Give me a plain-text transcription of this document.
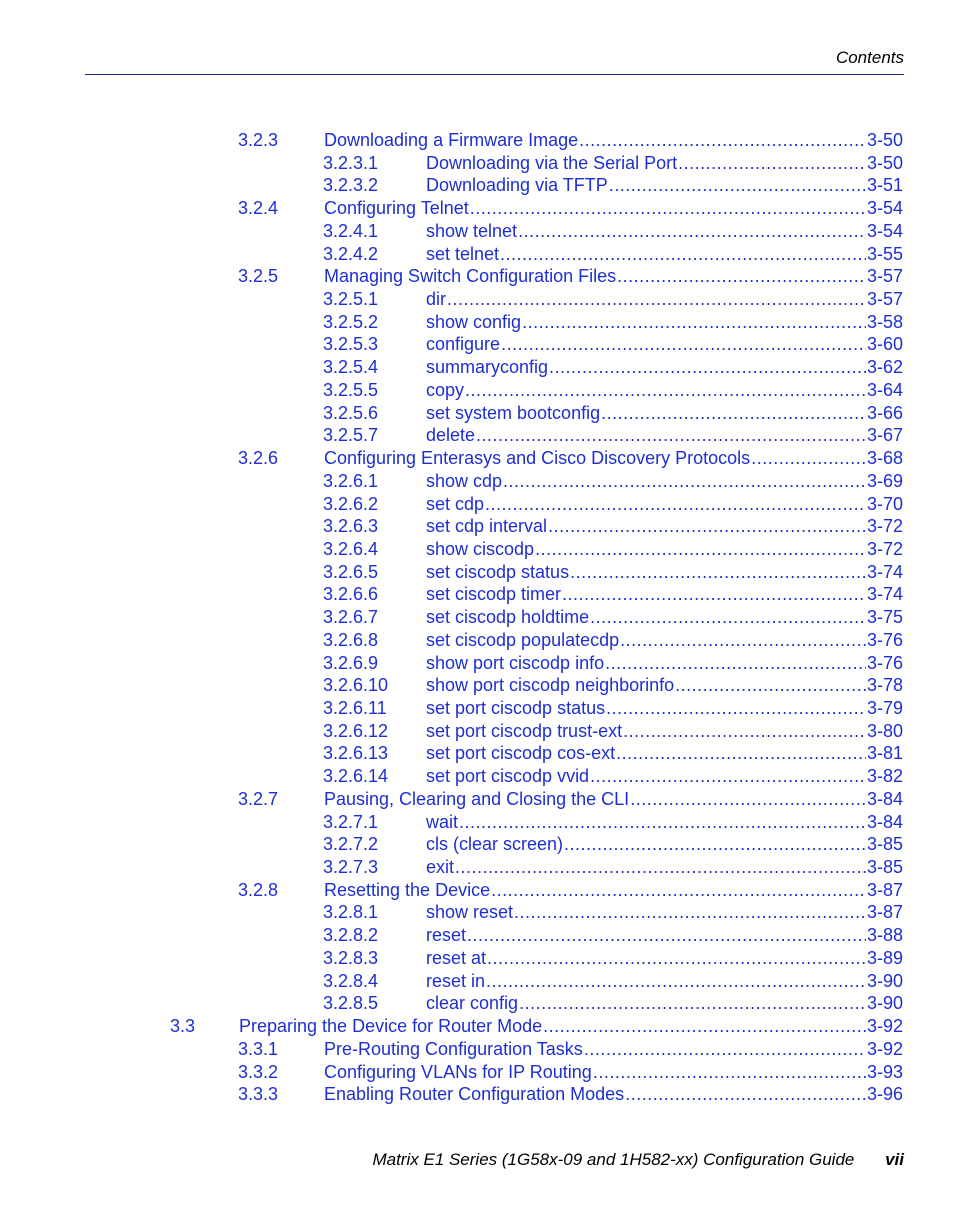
Contents
3.2.3	Downloading a Firmware Image .....	3-50
3.2.3.1	Downloading via the Serial Port .....	3-50
3.2.3.2	Downloading via TFTP .....	3-51
3.2.4	Configuring Telnet .....	3-54
3.2.4.1	show telnet .....	3-54
3.2.4.2	set telnet .....	3-55
3.2.5	Managing Switch Configuration Files .....	3-57
3.2.5.1	dir .....	3-57
3.2.5.2	show config .....	3-58
3.2.5.3	configure .....	3-60
3.2.5.4	summaryconfig .....	3-62
3.2.5.5	copy .....	3-64
3.2.5.6	set system bootconfig .....	3-66
3.2.5.7	delete .....	3-67
3.2.6	Configuring Enterasys and Cisco Discovery Protocols .....	3-68
3.2.6.1	show cdp .....	3-69
3.2.6.2	set cdp .....	3-70
3.2.6.3	set cdp interval .....	3-72
3.2.6.4	show ciscodp .....	3-72
3.2.6.5	set ciscodp status .....	3-74
3.2.6.6	set ciscodp timer .....	3-74
3.2.6.7	set ciscodp holdtime .....	3-75
3.2.6.8	set ciscodp populatecdp .....	3-76
3.2.6.9	show port ciscodp info .....	3-76
3.2.6.10	show port ciscodp neighborinfo .....	3-78
3.2.6.11	set port ciscodp status .....	3-79
3.2.6.12	set port ciscodp trust-ext .....	3-80
3.2.6.13	set port ciscodp cos-ext .....	3-81
3.2.6.14	set port ciscodp vvid .....	3-82
3.2.7	Pausing, Clearing and Closing the CLI .....	3-84
3.2.7.1	wait .....	3-84
3.2.7.2	cls (clear screen) .....	3-85
3.2.7.3	exit .....	3-85
3.2.8	Resetting the Device .....	3-87
3.2.8.1	show reset .....	3-87
3.2.8.2	reset .....	3-88
3.2.8.3	reset at .....	3-89
3.2.8.4	reset in .....	3-90
3.2.8.5	clear config .....	3-90
3.3	Preparing the Device for Router Mode .....	3-92
3.3.1	Pre-Routing Configuration Tasks .....	3-92
3.3.2	Configuring VLANs for IP Routing .....	3-93
3.3.3	Enabling Router Configuration Modes .....	3-96
Matrix E1 Series (1G58x-09 and 1H582-xx) Configuration Guide vii
